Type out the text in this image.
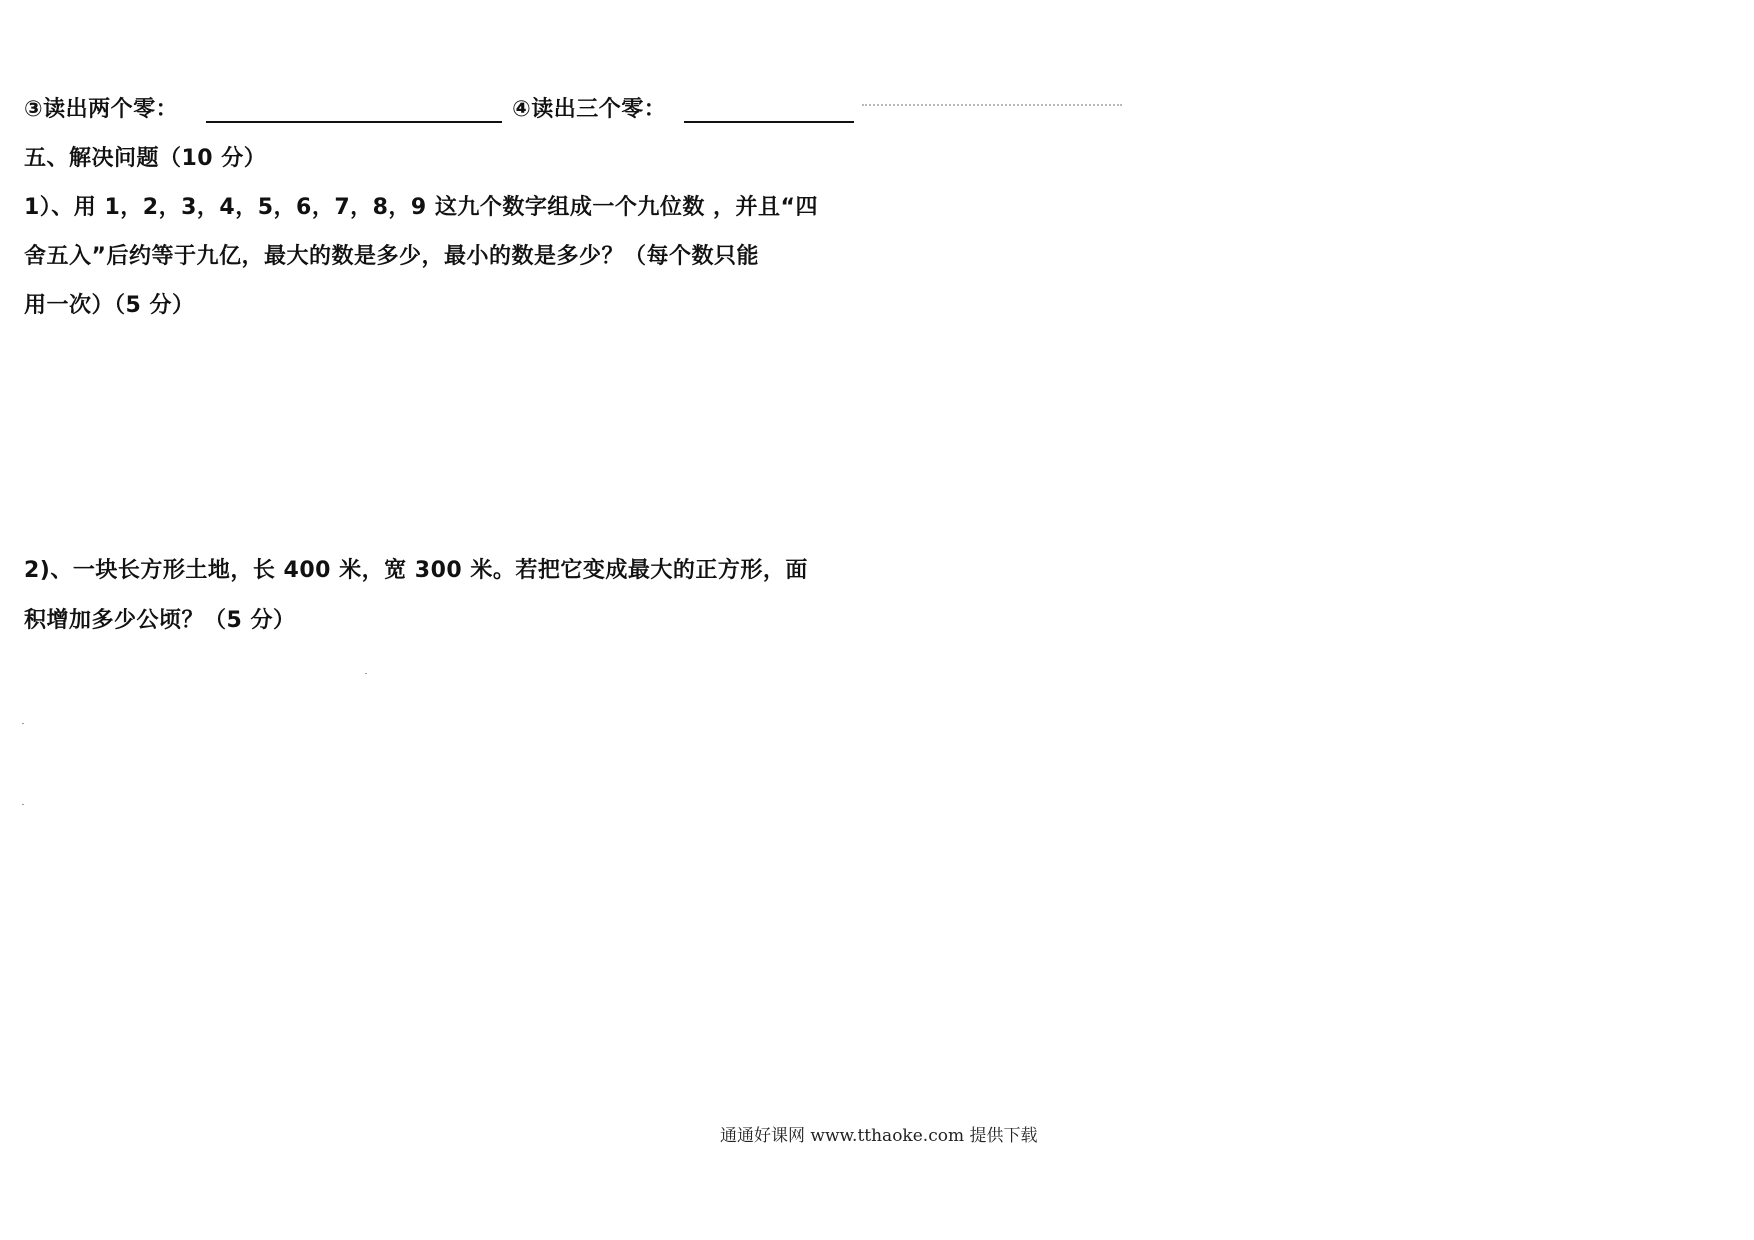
③读出两个零：	④读出三个零：
五、解决问题（10 分）
1）、用 1，2，3，4，5，6，7，8，9 这九个数字组成一个九位数 ，并且“四
舍五入”后约等于九亿，最大的数是多少，最小的数是多少？（每个数只能
用一次）（5 分）
2)、一块长方形土地，长 400 米，宽 300 米。若把它变成最大的正方形，面
积增加多少公顷？（5 分）
通通好课网 www.tthaoke.com 提供下载
